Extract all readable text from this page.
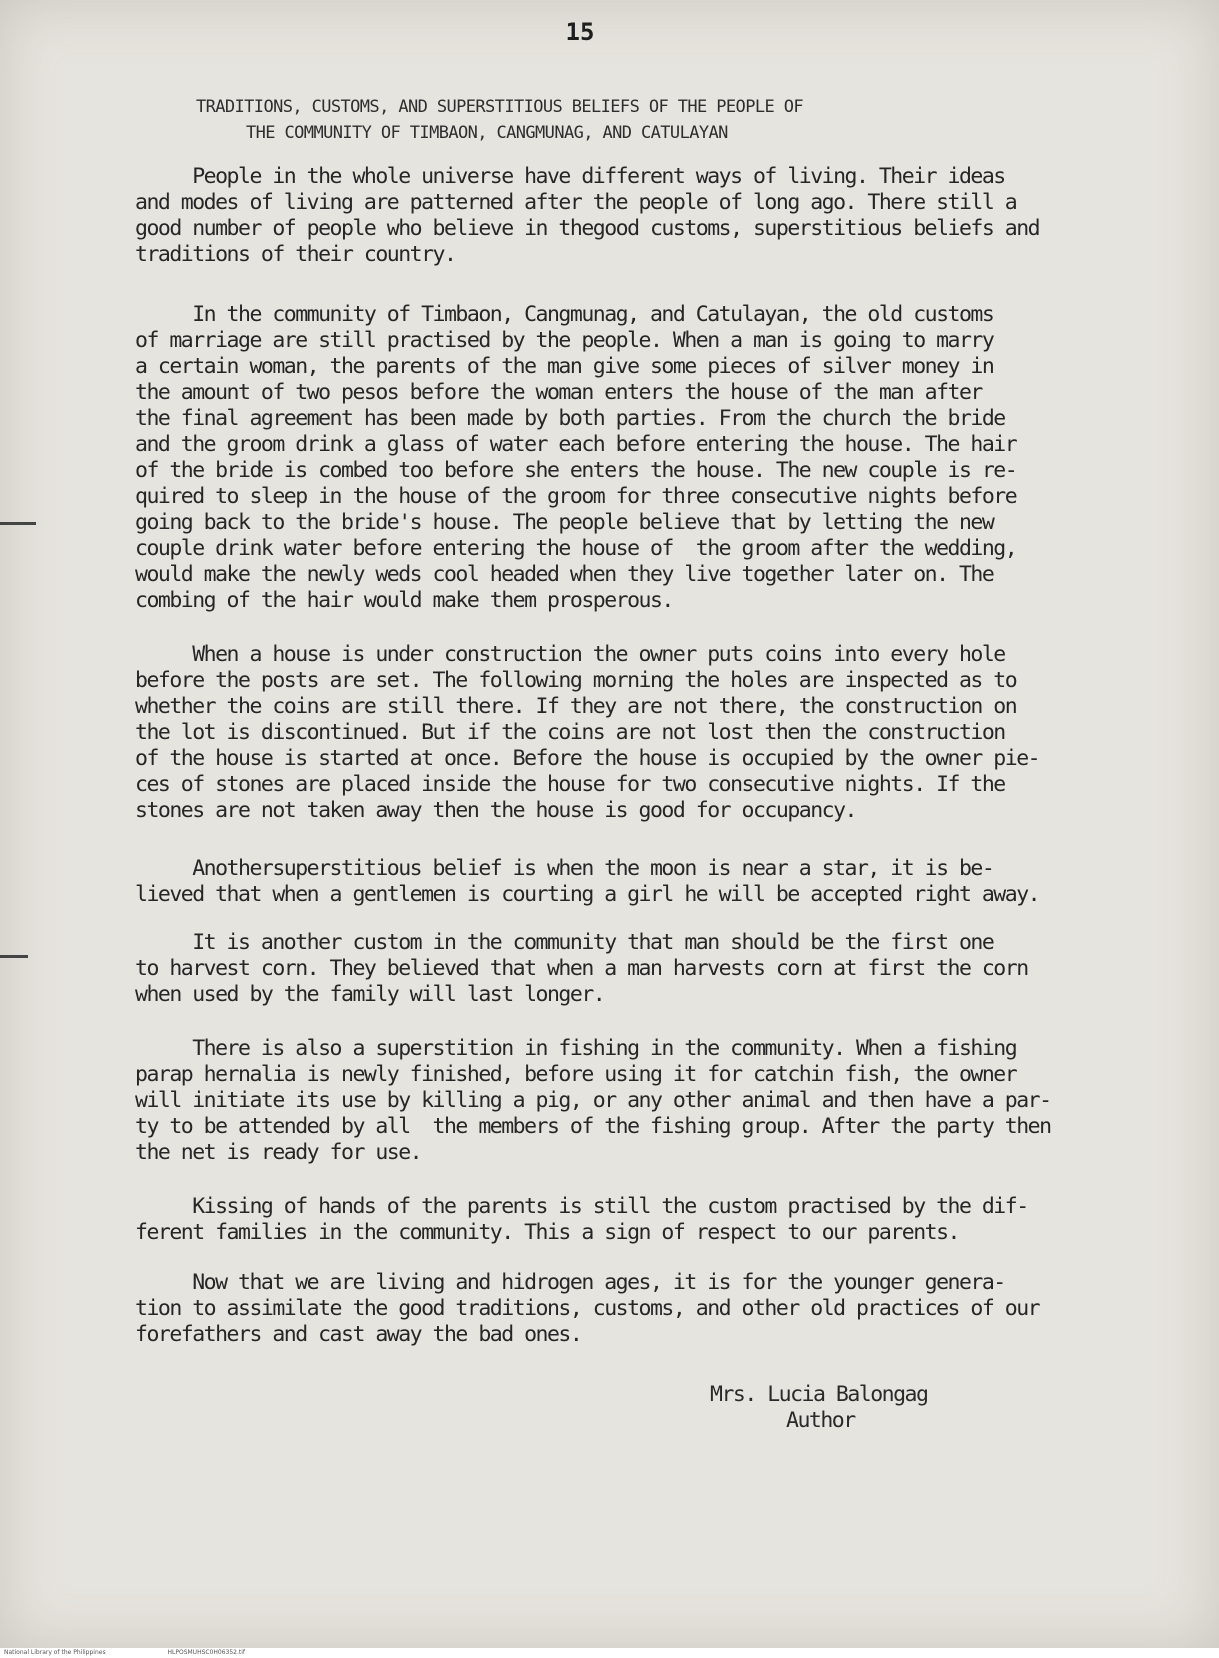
15
TRADITIONS, CUSTOMS, AND SUPERSTITIOUS BELIEFS OF THE PEOPLE OF
THE COMMUNITY OF TIMBAON, CANGMUNAG, AND CATULAYAN

People in the whole universe have different ways of living. Their ideas
and modes of living are patterned after the people of long ago. There still a
good number of people who believe in thegood customs, superstitious beliefs and
traditions of their country.

In the community of Timbaon, Cangmunag, and Catulayan, the old customs
of marriage are still practised by the people. When a man is going to marry
a certain woman, the parents of the man give some pieces of silver money in
the amount of two pesos before the woman enters the house of the man after
the final agreement has been made by both parties. From the church the bride
and the groom drink a glass of water each before entering the house. The hair
of the bride is combed too before she enters the house. The new couple is re-
quired to sleep in the house of the groom for three consecutive nights before
going back to the bride's house. The people believe that by letting the new
couple drink water before entering the house of  the groom after the wedding,
would make the newly weds cool headed when they live together later on. The
combing of the hair would make them prosperous.

When a house is under construction the owner puts coins into every hole
before the posts are set. The following morning the holes are inspected as to
whether the coins are still there. If they are not there, the construction on
the lot is discontinued. But if the coins are not lost then the construction
of the house is started at once. Before the house is occupied by the owner pie-
ces of stones are placed inside the house for two consecutive nights. If the
stones are not taken away then the house is good for occupancy.

Anothersuperstitious belief is when the moon is near a star, it is be-
lieved that when a gentlemen is courting a girl he will be accepted right away.

It is another custom in the community that man should be the first one
to harvest corn. They believed that when a man harvests corn at first the corn
when used by the family will last longer.

There is also a superstition in fishing in the community. When a fishing
parap hernalia is newly finished, before using it for catchin fish, the owner
will initiate its use by killing a pig, or any other animal and then have a par-
ty to be attended by all  the members of the fishing group. After the party then
the net is ready for use.

Kissing of hands of the parents is still the custom practised by the dif-
ferent families in the community. This a sign of respect to our parents.

Now that we are living and hidrogen ages, it is for the younger genera-
tion to assimilate the good traditions, customs, and other old practices of our
forefathers and cast away the bad ones.

Mrs. Lucia Balongag
Author
National Library of the Philippines	HLPOSMUHSC0H06352.tif
